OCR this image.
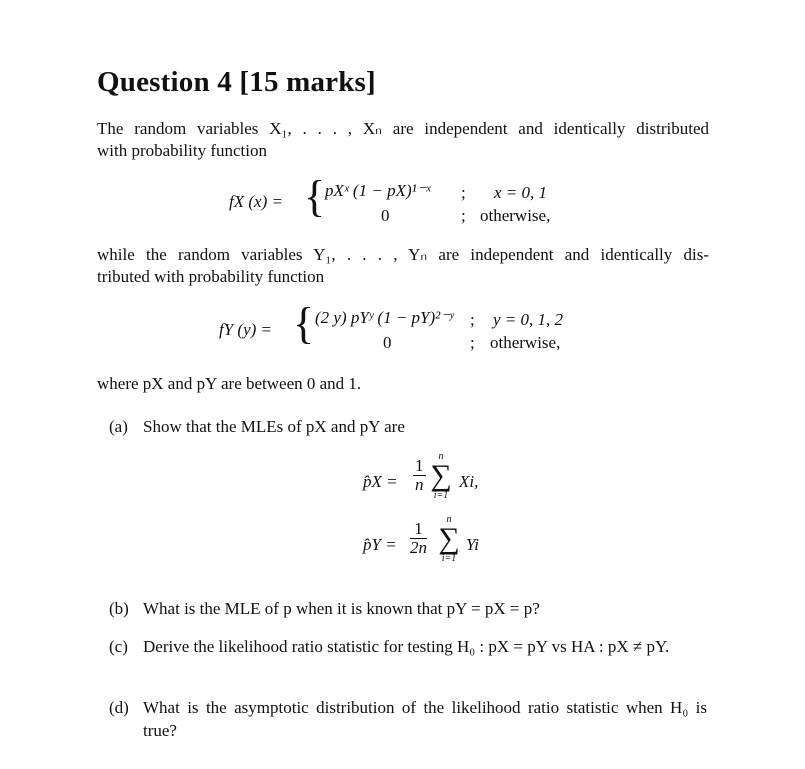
Question 4 [15 marks]
The random variables X₁, . . . , Xₙ are independent and identically distributed
with probability function
fX (x) = { pXˣ (1 − pX)¹⁻ˣ ; x = 0, 1
0	; otherwise,
while the random variables Y₁, . . . , Yₙ are independent and identically dis-
tributed with probability function
fY (y) = { (2 y) pYʸ (1 − pY)²⁻ʸ ; y = 0, 1, 2
0	; otherwise,
where pX and pY are between 0 and 1.
(a) Show that the MLEs of pX and pY are
p̂X = $\frac{1}{n}$
n
∑
i=1
Xi,
p̂Y = $\frac{1}{2n}$
n
∑
i=1
Yi
(b) What is the MLE of p when it is known that pY = pX = p?
(c) Derive the likelihood ratio statistic for testing H₀ : pX = pY vs HA : pX ≠ pY.
(d) What is the asymptotic distribution of the likelihood ratio statistic when H₀ is true?
